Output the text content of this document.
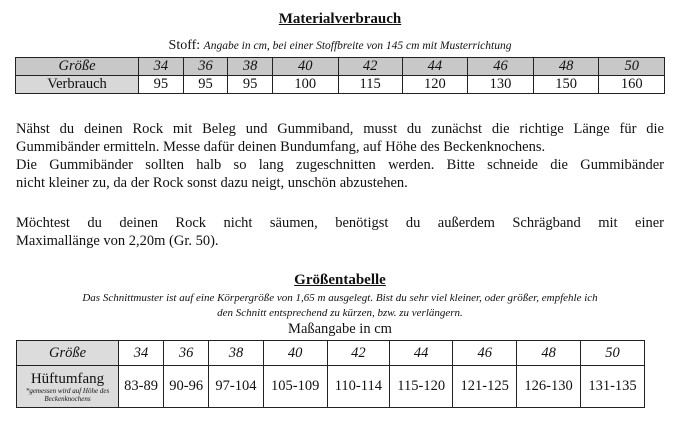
Materialverbrauch
Stoff: Angabe in cm, bei einer Stoffbreite von 145 cm mit Musterrichtung
Größe	34	36	38	40	42	44	46	48	50
Verbrauch	95	95	95	100	115	120	130	150	160
Nähst du deinen Rock mit Beleg und Gummiband, musst du zunächst die richtige Länge für die
Gummibänder ermitteln. Messe dafür deinen Bundumfang, auf Höhe des Beckenknochens.
Die Gummibänder sollten halb so lang zugeschnitten werden. Bitte schneide die Gummibänder
nicht kleiner zu, da der Rock sonst dazu neigt, unschön abzustehen.
Möchtest du deinen Rock nicht säumen, benötigst du außerdem Schrägband mit einer
Maximallänge von 2,20m (Gr. 50).
Größentabelle
Das Schnittmuster ist auf eine Körpergröße von 1,65 m ausgelegt. Bist du sehr viel kleiner, oder größer, empfehle ich
den Schnitt entsprechend zu kürzen, bzw. zu verlängern.
Maßangabe in cm
Größe	34	36	38	40	42	44	46	48	50

Hüftumfang
*gemessen wird auf Höhe des Beckenknochens	83-89	90-96	97-104	105-109	110-114	115-120	121-125	126-130	131-135
